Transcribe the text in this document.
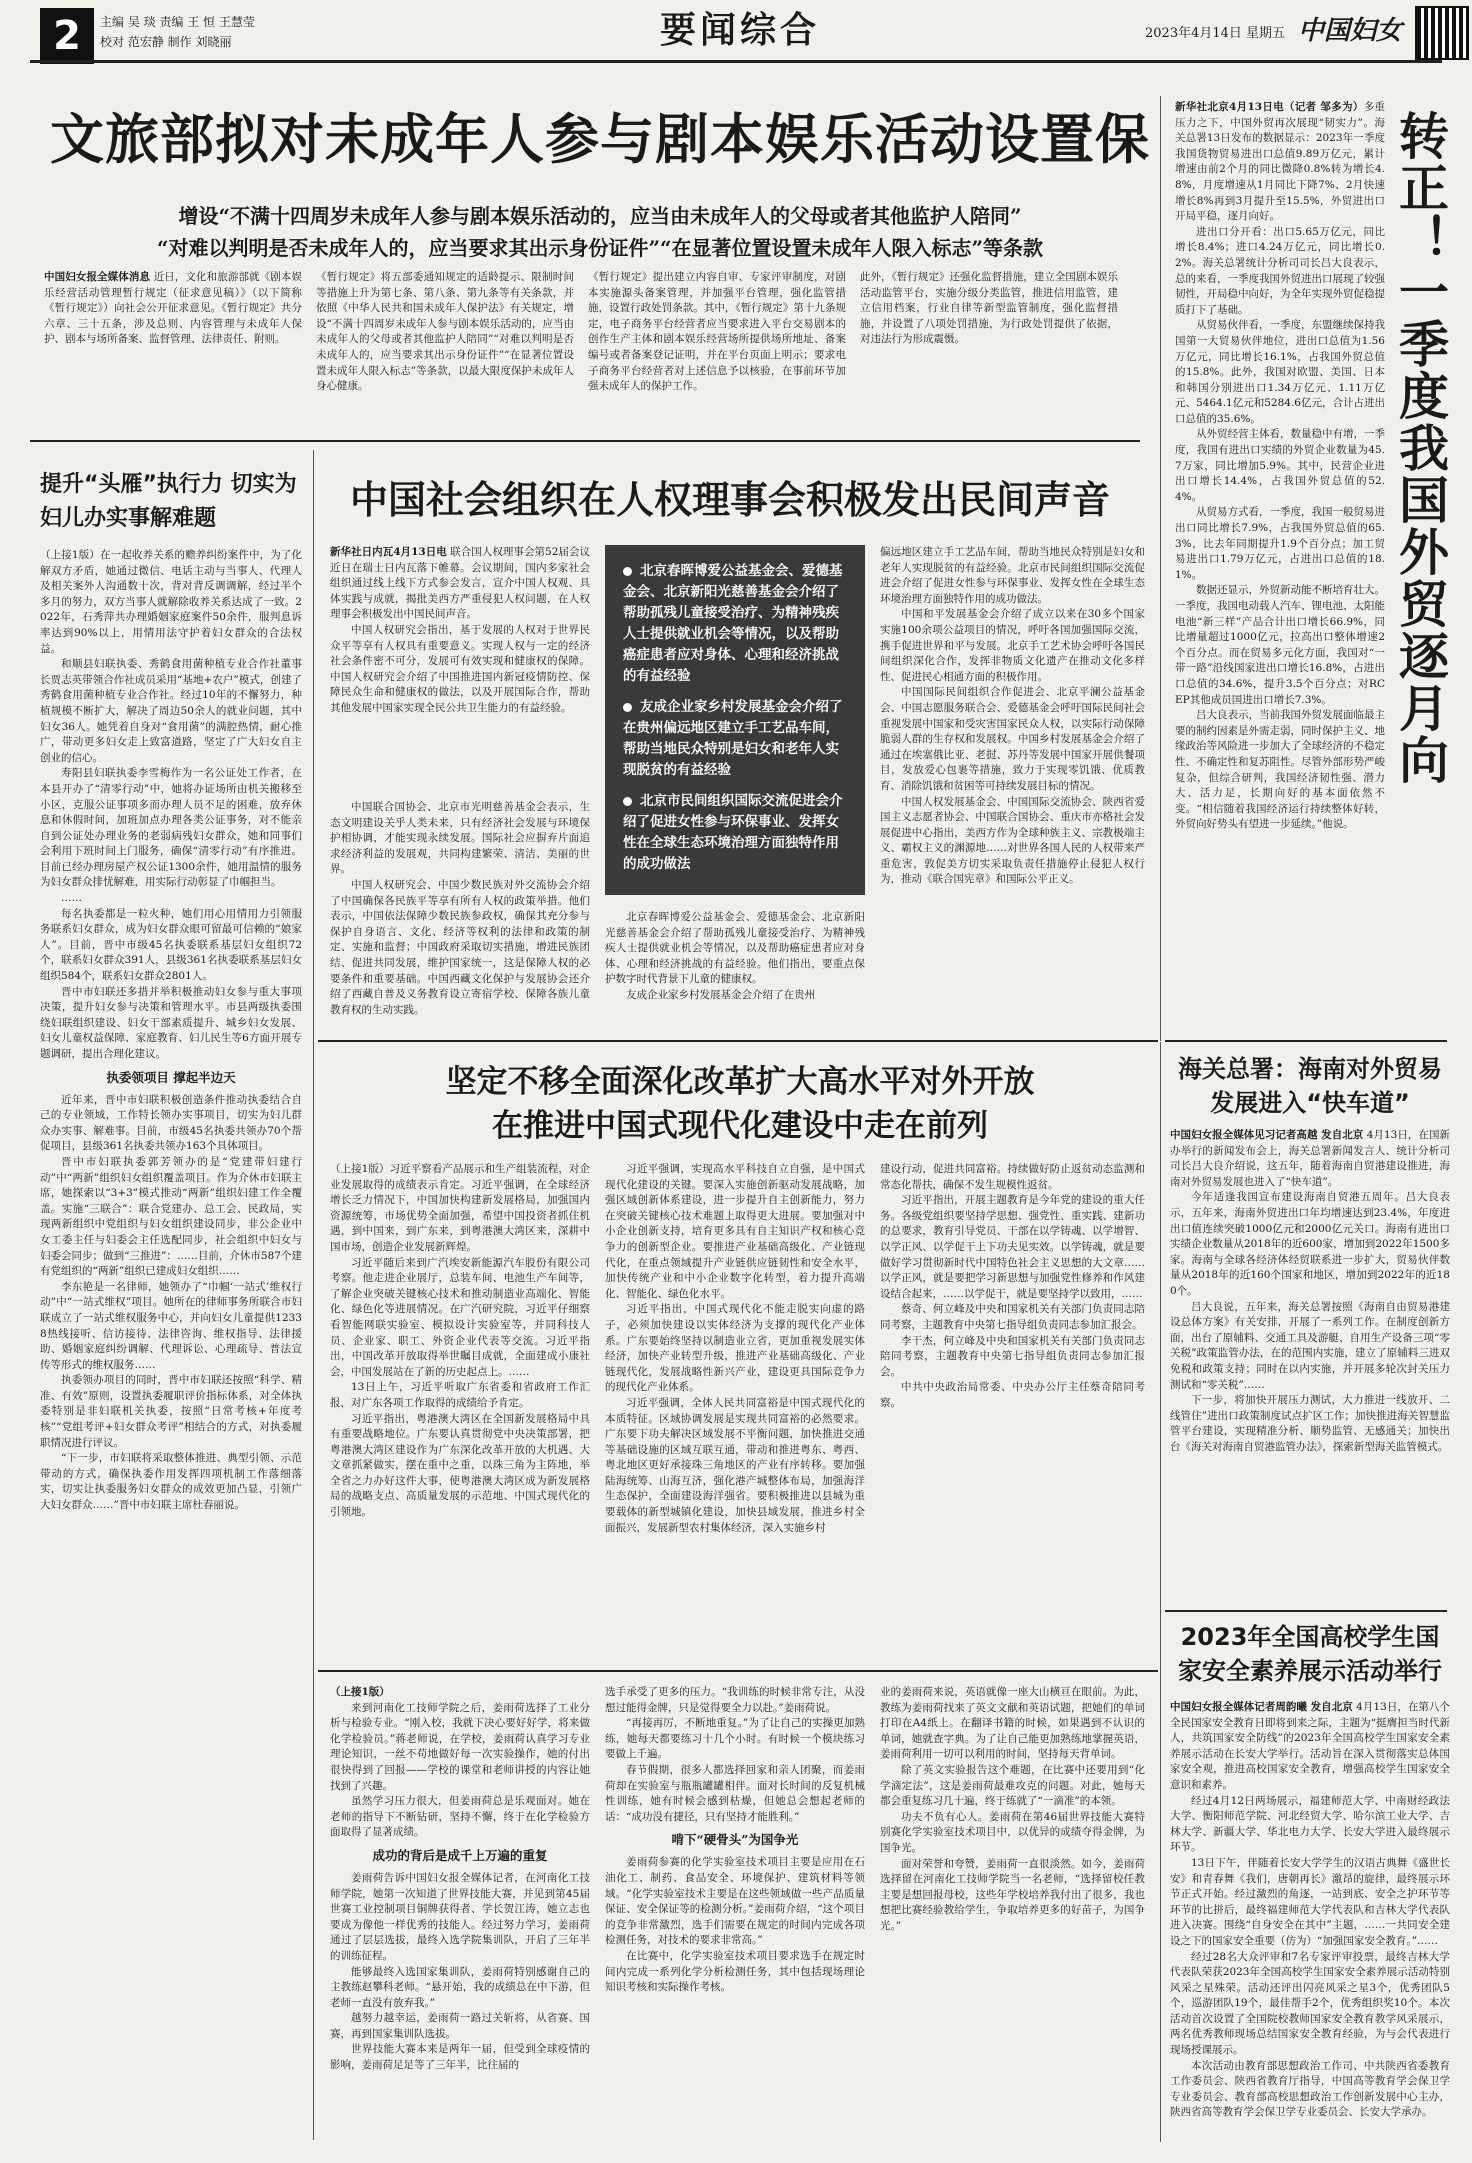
2	主编 吴 琰 责编 王 恒 王慧莹
校对 范宏静 制作 刘晓丽	要闻综合	2023年4月14日 星期五 中国妇女
文旅部拟对未成年人参与剧本娱乐活动设置保
增设“不满十四周岁未成年人参与剧本娱乐活动的，应当由未成年人的父母或者其他监护人陪同”
“对难以判明是否未成年人的，应当要求其出示身份证件”“在显著位置设置未成年人限入标志”等条款
中国妇女报全媒体消息 近日，文化和旅游部就《剧本娱乐经营活动管理暂行规定（征求意见稿）》（以下简称《暂行规定》）向社会公开征求意见。《暂行规定》共分六章、三十五条，涉及总则、内容管理与未成年人保护、剧本与场所备案、监督管理、法律责任、附则。
《暂行规定》将五部委通知规定的适龄提示、限制时间等措施上升为第七条、第八条、第九条等有关条款，并依照《中华人民共和国未成年人保护法》有关规定，增设“不满十四周岁未成年人参与剧本娱乐活动的，应当由未成年人的父母或者其他监护人陪同”“对难以判明是否未成年人的，应当要求其出示身份证件”“在显著位置设置未成年人限入标志”等条款，以最大限度保护未成年人身心健康。
《暂行规定》提出建立内容自审、专家评审制度，对剧本实施源头备案管理，并加强平台管理，强化监管措施，设置行政处罚条款。其中，《暂行规定》第十九条规定，电子商务平台经营者应当要求进入平台交易剧本的创作生产主体和剧本娱乐经营场所提供场所地址、备案编号或者备案登记证明，并在平台页面上明示；要求电子商务平台经营者对上述信息予以核验，在事前环节加强未成年人的保护工作。
此外，《暂行规定》还强化监督措施，建立全国剧本娱乐活动监管平台，实施分级分类监管，推进信用监管，建立信用档案，行业自律等新型监管制度，强化监督措施，并设置了八项处罚措施，为行政处罚提供了依据，对违法行为形成震慑。

新华社北京4月13日电（记者 邹多为）多重压力之下，中国外贸再次展现“韧实力”。海关总署13日发布的数据显示：2023年一季度我国货物贸易进出口总值9.89万亿元，累计增速由前2个月的同比微降0.8%转为增长4.8%，月度增速从1月同比下降7%、2月快速增长8%再到3月提升至15.5%，外贸进出口开局平稳，逐月向好。

进出口分开看：出口5.65万亿元，同比增长8.4%；进口4.24万亿元，同比增长0.2%。海关总署统计分析司司长吕大良表示，总的来看，一季度我国外贸进出口展现了较强韧性，开局稳中向好，为全年实现外贸促稳提质打下了基础。

从贸易伙伴看，一季度，东盟继续保持我国第一大贸易伙伴地位，进出口总值为1.56万亿元，同比增长16.1%，占我国外贸总值的15.8%。此外，我国对欧盟、美国、日本和韩国分别进出口1.34万亿元、1.11万亿元、5464.1亿元和5284.6亿元，合计占进出口总值的35.6%。

从外贸经营主体看，数量稳中有增，一季度，我国有进出口实绩的外贸企业数量为45.7万家，同比增加5.9%。其中，民营企业进出口增长14.4%，占我国外贸总值的52.4%。

从贸易方式看，一季度，我国一般贸易进出口同比增长7.9%，占我国外贸总值的65.3%，比去年同期提升1.9个百分点；加工贸易进出口1.79万亿元，占进出口总值的18.1%。

数据还显示，外贸新动能不断培育壮大。一季度，我国电动载人汽车、锂电池、太阳能电池“新三样”产品合计出口增长66.9%，同比增量超过1000亿元，拉高出口整体增速2个百分点。而在贸易多元化方面，我国对“一带一路”沿线国家进出口增长16.8%，占进出口总值的34.6%，提升3.5个百分点；对RCEP其他成员国进出口增长7.3%。

吕大良表示，当前我国外贸发展面临最主要的制约因素是外需走弱，同时保护主义、地缘政治等风险进一步加大了全球经济的不稳定性、不确定性和复苏阻性。尽管外部形势严峻复杂，但综合研判，我国经济韧性强、潜力大、活力足，长期向好的基本面依然不变。“相信随着我国经济运行持续整体好转，外贸向好势头有望进一步延续。”他说。

转正！一季度我国外贸逐月向
提升“头雁”执行力 切实为妇儿办实事解难题

（上接1版）在一起收养关系的赡养纠纷案件中，为了化解双方矛盾，她通过微信、电话主动与当事人、代理人及相关案外人沟通数十次，背对背反调调解，经过半个多月的努力，双方当事人就解除收养关系达成了一致。2022年，石秀萍共办理婚姻家庭案件50余件，服判息诉率达到90%以上，用情用法守护着妇女群众的合法权益。

和顺县妇联执委、秀鹤食用菌种植专业合作社董事长贾志英带领合作社成员采用“基地+农户”模式，创建了秀鹤食用菌种植专业合作社。经过10年的不懈努力，种植规模不断扩大，解决了周边50余人的就业问题，其中妇女36人。她凭着自身对“食用菌”的满腔热情，耐心推广，带动更多妇女走上致富道路，坚定了广大妇女自主创业的信心。

寿阳县妇联执委李雪梅作为一名公证处工作者，在本县开办了“清零行动”中，她将办证场所由机关搬移至小区，克服公证事项多而办理人员不足的困难，放弃休息和休假时间，加班加点办理各类公证事务，对不能亲自到公证处办理业务的老弱病残妇女群众，她和同事们会利用下班时间上门服务，确保“清零行动”有序推进。目前已经办理房屋产权公证1300余件，她用温情的服务为妇女群众排忧解难，用实际行动彰显了巾帼担当。

……

每名执委都是一粒火种，她们用心用情用力引领服务联系妇女群众，成为妇女群众眼可留最可信赖的“娘家人”。目前，晋中市级45名执委联系基层妇女组织72个，联系妇女群众391人，县级361名执委联系基层妇女组织584个，联系妇女群众2801人。

晋中市妇联还多措并举积极推动妇女参与重大事项决策，提升妇女参与决策和管理水平。市县两级执委围绕妇联组织建设、妇女干部素质提升、城乡妇女发展、妇女儿童权益保障、家庭教育、妇儿民生等6方面开展专题调研，提出合理化建议。

执委领项目 撑起半边天

近年来，晋中市妇联积极创造条件推动执委结合自己的专业领域，工作特长领办实事项目，切实为妇儿群众办实事、解难事。目前，市级45名执委共领办70个帮促项目，县级361名执委共领办163个具体项目。

晋中市妇联执委郭芳领办的是“党建带妇建行动”中“两新”组织妇女组织覆盖项目。作为介休市妇联主席，她探索以“3+3”模式推动“两新”组织妇建工作全覆盖。实施“三联合”：联合党建办、总工会、民政局，实现两新组织中党组织与妇女组织建设同步，非公企业中女工委主任与妇委会主任选配同步，社会组织中妇女与妇委会同步；做到“三推进”：……目前，介休市587个建有党组织的“两新”组织已建成妇女组织……

李东艳是一名律师，她领办了“巾帼‘一站式’维权行动”中“一站式维权”项目。她所在的律师事务所联合市妇联成立了一站式维权服务中心，并向妇女儿童提供12338热线接听、信访接待、法律咨询、维权指导、法律援助、婚姻家庭纠纷调解、代理诉讼、心理疏导、普法宣传等形式的维权服务……

执委领办项目的同时，晋中市妇联还按照“科学、精准、有效”原则，设置执委履职评价指标体系，对全体执委特别是非妇联机关执委，按照“日常考核+年度考核”“党组考评+妇女群众考评”相结合的方式，对执委履职情况进行评议。

“下一步，市妇联将采取整体推进、典型引领、示范带动的方式，确保执委作用发挥四项机制工作落细落实，切实让执委服务妇女群众的成效更加凸显，引领广大妇女群众……”晋中市妇联主席杜春丽说。

中国社会组织在人权理事会积极发出民间声音

新华社日内瓦4月13日电 联合国人权理事会第52届会议近日在瑞士日内瓦落下帷幕。会议期间，国内多家社会组织通过线上线下方式参会发言，宣介中国人权观、具体实践与成就，揭批美西方严重侵犯人权问题，在人权理事会积极发出中国民间声音。

中国人权研究会指出，基于发展的人权对于世界民众平等享有人权具有重要意义。实现人权与一定的经济社会条件密不可分，发展可有效实现和健康权的保障。中国人权研究会介绍了中国推进国内新冠疫情防控、保障民众生命和健康权的做法，以及开展国际合作，帮助其他发展中国家实现全民公共卫生能力的有益经验。

中国联合国协会、北京市光明慈善基金会表示，生态文明建设关乎人类未来，只有经济社会发展与环境保护相协调，才能实现永续发展。国际社会应摒弃片面追求经济利益的发展观，共同构建繁荣、清洁、美丽的世界。

中国人权研究会、中国少数民族对外交流协会介绍了中国确保各民族平等享有所有人权的政策举措。他们表示，中国依法保障少数民族参政权，确保其充分参与保护自身语言、文化、经济等权利的法律和政策的制定、实施和监督；中国政府采取切实措施，增进民族团结、促进共同发展，维护国家统一，这是保障人权的必要条件和重要基础。中国西藏文化保护与发展协会还介绍了西藏自普及义务教育设立寄宿学校、保障各族儿童教育权的生动实践。

北京春晖博爱公益基金会、爱德基金会、北京新阳光慈善基金会介绍了帮助孤残儿童接受治疗、为精神残疾人士提供就业机会等情况，以及帮助癌症患者应对身体、心理和经济挑战的有益经验

友成企业家乡村发展基金会介绍了在贵州偏远地区建立手工艺品车间，帮助当地民众特别是妇女和老年人实现脱贫的有益经验

北京市民间组织国际交流促进会介绍了促进女性参与环保事业、发挥女性在全球生态环境治理方面独特作用的成功做法

北京春晖博爱公益基金会、爱德基金会、北京新阳光慈善基金会介绍了帮助孤残儿童接受治疗、为精神残疾人士提供就业机会等情况，以及帮助癌症患者应对身体、心理和经济挑战的有益经验。他们指出，要重点保护数字时代背景下儿童的健康权。

友成企业家乡村发展基金会介绍了在贵州

偏远地区建立手工艺品车间，帮助当地民众特别是妇女和老年人实现脱贫的有益经验。北京市民间组织国际交流促进会介绍了促进女性参与环保事业、发挥女性在全球生态环境治理方面独特作用的成功做法。

中国和平发展基金会介绍了成立以来在30多个国家实施100余项公益项目的情况，呼吁各国加强国际交流，携手促进世界和平与发展。北京手工艺术协会呼吁各国民间组织深化合作，发挥非物质文化遗产在推动文化多样性、促进民心相通方面的积极作用。

中国国际民间组织合作促进会、北京平澜公益基金会、中国志愿服务联合会、爱德基金会呼吁国际民间社会重视发展中国家和受灾害国家民众人权，以实际行动保障脆弱人群的生存权和发展权。中国乡村发展基金会介绍了通过在埃塞俄比亚、老挝、苏丹等发展中国家开展供餐项目，发放爱心包裹等措施，致力于实现零饥饿、优质教育、消除饥饿和贫困等可持续发展目标的情况。

中国人权发展基金会、中国国际交流协会、陕西省爱国主义志愿者协会、中国联合国协会、重庆市亦格社会发展促进中心指出，美西方作为全球种族主义、宗教极端主义、霸权主义的渊源地……对世界各国人民的人权带来严重危害，敦促美方切实采取负责任措施停止侵犯人权行为，推动《联合国宪章》和国际公平正义。

海关总署：海南对外贸易发展进入“快车道”

中国妇女报全媒体见习记者高越 发自北京 4月13日，在国新办举行的新闻发布会上，海关总署新闻发言人、统计分析司司长吕大良介绍说，这五年，随着海南自贸港建设推进，海南对外贸易发展也进入了“快车道”。

今年适逢我国宣布建设海南自贸港五周年。吕大良表示，五年来，海南外贸进出口年均增速达到23.4%，年度进出口值连续突破1000亿元和2000亿元关口。海南有进出口实绩企业数量从2018年的近600家，增加到2022年1500多家。海南与全球各经济体经贸联系进一步扩大，贸易伙伴数量从2018年的近160个国家和地区，增加到2022年的近180个。

吕大良说，五年来，海关总署按照《海南自由贸易港建设总体方案》有关安排，开展了一系列工作。在制度创新方面，出台了原辅料、交通工具及游艇、自用生产设备三项“零关税”政策监管办法，在的范围内实施，建立了原辅料三进双免税和政策支持；同时在以内实施，并开展多轮次封关压力测试和“零关税”……

下一步，将加快开展压力测试，大力推进一线放开、二线管住”进出口政策制度试点扩区工作；加快推进海关智慧监管平台建设，实现精准分析、顺势监管、无感通关；加快出台《海关对海南自贸港监管办法》，探索新型海关监管模式。

2023年全国高校学生国家安全素养展示活动举行

中国妇女报全媒体记者周韵曦 发自北京 4月13日，在第八个全民国家安全教育日即将到来之际，主题为“挺膺担当时代新人，共筑国家安全防线”的2023年全国高校学生国家安全素养展示活动在长安大学举行。活动旨在深入贯彻落实总体国家安全观，推进高校国家安全教育，增强高校学生国家安全意识和素养。

经过4月12日两场展示，福建师范大学、中南财经政法大学、衡阳师范学院、河北经贸大学、哈尔滨工业大学、吉林大学、新疆大学、华北电力大学、长安大学进入最终展示环节。

13日下午，伴随着长安大学学生的汉语古典舞《盛世长安》和青春舞《我们，唐朝再长》激昂的旋律，最终展示环节正式开始。经过激烈的角逐，一站到底、安全之护环节等环节的比拼后，最终福建师范大学代表队和吉林大学代表队进入决赛。围绕“自身安全在其中”主题，……一共同安全建设之下的国家安全重要（仿为）“加强国家安全教育。”……

经过28名大众评审和7名专家评审投票，最终吉林大学代表队荣获2023年全国高校学生国家安全素养展示活动特别风采之星殊荣。活动还评出闪亮风采之星3个，优秀团队5个，巡游团队19个，最佳帮手2个，优秀组织奖10个。本次活动首次设置了全国院校教师国家安全教育教学风采展示，两名优秀教师现场总结国家安全教育经验，为与会代表进行现场授课展示。

本次活动由教育部思想政治工作司、中共陕西省委教育工作委员会、陕西省教育厅指导，中国高等教育学会保卫学专业委员会、教育部高校思想政治工作创新发展中心主办，陕西省高等教育学会保卫学专业委员会、长安大学承办。

坚定不移全面深化改革扩大高水平对外开放
在推进中国式现代化建设中走在前列

（上接1版）习近平察看产品展示和生产组装流程，对企业发展取得的成绩表示肯定。习近平强调，在全球经济增长乏力情况下，中国加快构建新发展格局，加强国内资源统筹，市场优势全面加强，希望中国投资者抓住机遇，到中国来，到广东来，到粤港澳大湾区来，深耕中国市场，创造企业发展新辉煌。

习近平随后来到广汽埃安新能源汽车股份有限公司考察。他走进企业展厅，总装车间、电池生产车间等，了解企业突破关键核心技术和推动制造业高端化、智能化、绿色化等进展情况。在广汽研究院，习近平仔细察看智能网联实验室、模拟设计实验室等，并同科技人员、企业家、职工、外资企业代表等交流。习近平指出，中国改革开放取得举世瞩目成就，全面建成小康社会，中国发展站在了新的历史起点上。……

13日上午，习近平听取广东省委和省政府工作汇报，对广东各项工作取得的成绩给予肯定。

习近平指出，粤港澳大湾区在全国新发展格局中具有重要战略地位。广东要认真贯彻党中央决策部署，把粤港澳大湾区建设作为广东深化改革开放的大机遇、大文章抓紧做实，摆在重中之重，以珠三角为主阵地，举全省之力办好这件大事，使粤港澳大湾区成为新发展格局的战略支点、高质量发展的示范地、中国式现代化的引领地。

习近平强调，实现高水平科技自立自强，是中国式现代化建设的关键。要深入实施创新驱动发展战略，加强区域创新体系建设，进一步提升自主创新能力，努力在突破关键核心技术难题上取得更大进展。要加强对中小企业创新支持，培育更多具有自主知识产权和核心竞争力的创新型企业。要推进产业基础高级化、产业链现代化，在重点领域提升产业链供应链韧性和安全水平，加快传统产业和中小企业数字化转型，着力提升高端化、智能化、绿色化水平。

习近平指出，中国式现代化不能走脱实向虚的路子，必须加快建设以实体经济为支撑的现代化产业体系。广东要始终坚持以制造业立省，更加重视发展实体经济，加快产业转型升级，推进产业基础高级化、产业链现代化，发展战略性新兴产业，建设更具国际竞争力的现代化产业体系。

习近平强调，全体人民共同富裕是中国式现代化的本质特征。区域协调发展是实现共同富裕的必然要求。广东要下功夫解决区域发展不平衡问题，加快推进交通等基础设施的区域互联互通，带动和推进粤东、粤西、粤北地区更好承接珠三角地区的产业有序转移。要加强陆海统筹、山海互济，强化港产城整体布局，加强海洋生态保护，全面建设海洋强省。要积极推进以县城为重要载体的新型城镇化建设，加快县域发展，推进乡村全面振兴，发展新型农村集体经济，深入实施乡村

建设行动，促进共同富裕。持续做好防止返贫动态监测和常态化帮扶，确保不发生规模性返贫。

习近平指出，开展主题教育是今年党的建设的重大任务。各级党组织要坚持学思想、强党性、重实践、建新功的总要求，教育引导党员、干部在以学铸魂、以学增智、以学正风、以学促干上下功夫见实效。以学铸魂，就是要做好学习贯彻新时代中国特色社会主义思想的大文章……以学正风，就是要把学习新思想与加强党性修养和作风建设结合起来，……以学促干，就是要坚持学以致用，……

蔡奇、何立峰及中央和国家机关有关部门负责同志陪同考察，主题教育中央第七指导组负责同志参加汇报会。

李干杰，何立峰及中央和国家机关有关部门负责同志陪同考察，主题教育中央第七指导组负责同志参加汇报会。

中共中央政治局常委、中央办公厅主任蔡奇陪同考察。

（上接1版）

来到河南化工技师学院之后，姜雨荷选择了工业分析与检验专业。“刚入校，我就下决心要好好学，将来做化学检验员。”蒋老师说，在学校，姜雨荷认真学习专业理论知识，一丝不苟地做好每一次实验操作，她的付出很快得到了回报——学校的课堂和老师讲授的内容让她找到了兴趣。

虽然学习压力很大，但姜雨荷总是乐观面对。她在老师的指导下不断钻研，坚持不懈，终于在化学检验方面取得了显著成绩。

成功的背后是成千上万遍的重复

姜雨荷告诉中国妇女报全媒体记者，在河南化工技师学院，她第一次知道了世界技能大赛，并见到第45届世赛工业控制项目铜牌获得者、学长贺江涛，她立志也要成为像他一样优秀的技能人。经过努力学习，姜雨荷通过了层层选拔，最终入选学院集训队，开启了三年半的训练征程。

能够最终入选国家集训队，姜雨荷特别感谢自己的主教练赵攀科老师。“悬开始，我的成绩总在中下游，但老师一直没有放弃我。”

越努力越幸运，姜雨荷一路过关斩将，从省赛、国赛，再到国家集训队选拔。

世界技能大赛本来是两年一届，但受到全球疫情的影响，姜雨荷足足等了三年半，比往届的

选手承受了更多的压力。“我训练的时候非常专注，从没想过能得金牌，只是觉得要全力以赴。”姜雨荷说。

“再接再厉，不断地重复。”为了让自己的实操更加熟练，她每天都要练习十几个小时。有时候一个模块练习要做上千遍。

春节假期，很多人都选择回家和亲人团聚，而姜雨荷却在实验室与瓶瓶罐罐相伴。面对长时间的反复机械性训练，她有时候会感到枯燥，但她总会想起老师的话：“成功没有捷径，只有坚持才能胜利。”

啃下“硬骨头”为国争光

姜雨荷参赛的化学实验室技术项目主要是应用在石油化工、制药、食品安全、环境保护、建筑材料等领域。“化学实验室技术主要是在这些领域做一些产品质量保证、安全保证等的检测分析。”姜雨荷介绍，“这个项目的竞争非常激烈，选手们需要在规定的时间内完成各项检测任务，对技术的要求非常高。”

在比赛中，化学实验室技术项目要求选手在规定时间内完成一系列化学分析检测任务，其中包括现场理论知识考核和实际操作考核。

业的姜雨荷来说，英语就像一座大山横亘在眼前。为此，教练为姜雨荷找来了英文文献和英语试题，把她们的单词打印在A4纸上。在翻译书籍的时候，如果遇到不认识的单词，她就查字典。为了让自己能更加熟练地掌握英语，姜雨荷利用一切可以利用的时间，坚持每天背单词。

除了英文实验报告这个难题，在比赛中还要用到“化学滴定法”，这是姜雨荷最难攻克的问题。对此，她每天都会重复练习几十遍，终于练就了“一滴准”的本领。

功夫不负有心人。姜雨荷在第46届世界技能大赛特别赛化学实验室技术项目中，以优异的成绩夺得金牌，为国争光。

面对荣誉和夸赞，姜雨荷一直很淡然。如今，姜雨荷选择留在河南化工技师学院当一名老师，“选择留校任教主要是想回报母校，这些年学校培养我付出了很多，我也想把比赛经验教给学生，争取培养更多的好苗子，为国争光。”
